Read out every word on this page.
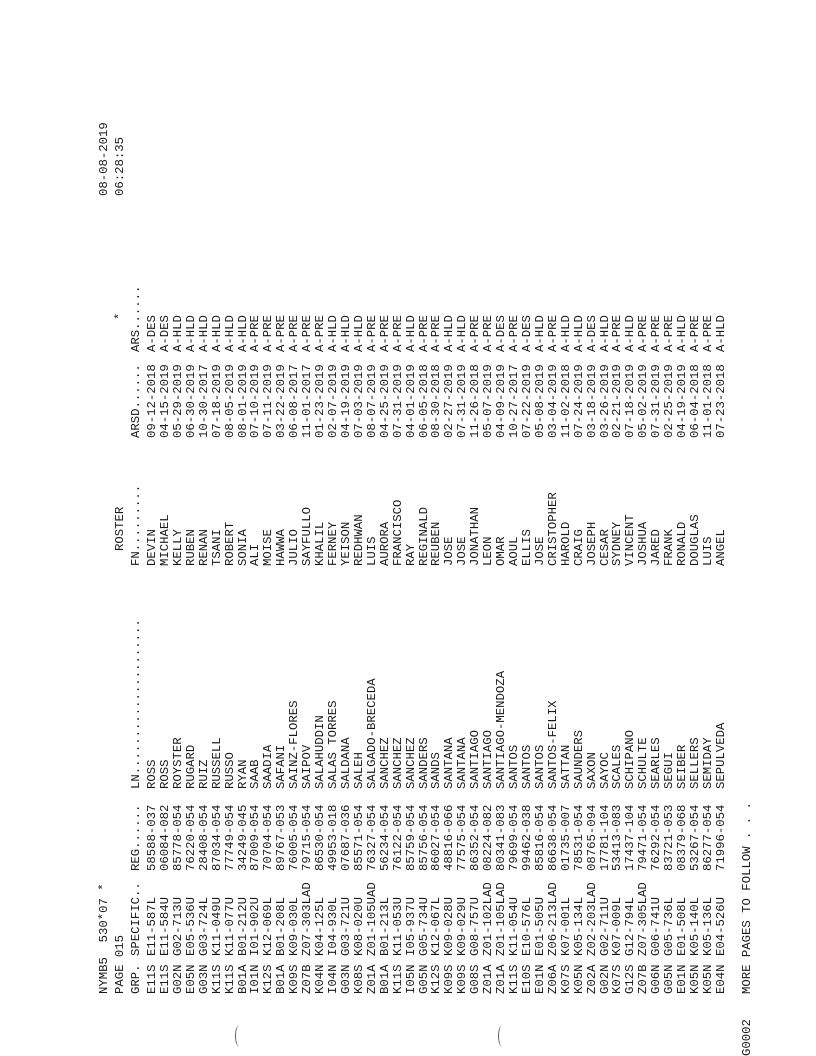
NYMB5  530*07 *

08-08-2019

PAGE 015

ROSTER

*

06:28:35

GRP.

SPECIFIC..

REG......

LN.....................

FN.........

ARSD......

ARS......

E11S
E11-587L
58588-037
ROSS
DEVIN
09-12-2018
A-DES
E11S
E11-584U
06084-082
ROSS
MICHAEL
04-15-2019
A-DES
G02N
G02-713U
85778-054
ROYSTER
KELLY
05-29-2019
A-HLD
E05N
E05-536U
76220-054
RUGARD
RUBEN
06-30-2019
A-HLD
G03N
G03-724L
28408-054
RUIZ
RENAN
10-30-2017
A-HLD
K11S
K11-049U
87034-054
RUSSELL
TSANI
07-18-2019
A-HLD
K11S
K11-077U
77749-054
RUSSO
ROBERT
08-05-2019
A-HLD
B01A
B01-212U
34249-045
RYAN
SONIA
08-01-2019
A-HLD
I01N
I01-902U
87009-054
SAAB
ALI
07-10-2019
A-PRE
K12S
K12-069L
70704-054
SAADIA
MOISE
07-11-2019
A-PRE
B01A
B01-208L
89767-053
SAFANI
HAWWA
03-22-2019
A-PRE
K09S
K09-030L
76005-054
SAINZ-FLORES
JULIO
06-08-2017
A-PRE
Z07B
Z07-303LAD
79715-054
SAIPOV
SAYFULLO
11-01-2017
A-PRE
K04N
K04-125L
86530-054
SALAHUDDIN
KHALIL
01-23-2019
A-PRE
I04N
I04-930L
49953-018
SALAS TORRES
FERNEY
02-07-2019
A-HLD
G03N
G03-721U
07687-036
SALDANA
YEISON
04-19-2019
A-HLD
K08S
K08-020U
85571-054
SALEH
REDHWAN
07-03-2019
A-HLD
Z01A
Z01-105UAD
76327-054
SALGADO-BRECEDA
LUIS
08-07-2019
A-PRE
B01A
B01-213L
56234-054
SANCHEZ
AURORA
04-25-2019
A-PRE
K11S
K11-053U
76122-054
SANCHEZ
FRANCISCO
07-31-2019
A-PRE
I05N
I05-937U
85759-054
SANCHEZ
RAY
04-01-2019
A-HLD
G05N
G05-734U
85756-054
SANDERS
REGINALD
06-05-2018
A-PRE
K12S
K12-067L
86027-054
SANDS
REUBEN
08-30-2018
A-PRE
K09S
K09-028U
48816-066
SANTANA
JOSE
02-27-2019
A-HLD
K09S
K09-029U
77575-054
SANTANA
JOSE
07-31-2019
A-HLD
G08S
G08-757U
86352-054
SANTIAGO
JONATHAN
11-26-2018
A-PRE
Z01A
Z01-102LAD
08224-082
SANTIAGO
LEON
05-07-2019
A-PRE
Z01A
Z01-105LAD
80341-083
SANTIAGO-MENDOZA
OMAR
04-09-2019
A-DES
K11S
K11-054U
79699-054
SANTOS
AOUL
10-27-2017
A-PRE
E10S
E10-576L
99462-038
SANTOS
ELLIS
07-22-2019
A-DES
E01N
E01-505U
85816-054
SANTOS
JOSE
05-08-2019
A-HLD
Z06A
Z06-213LAD
86638-054
SANTOS-FELIX
CRISTOPHER
03-04-2019
A-PRE
K07S
K07-001L
01735-007
SATTAN
HAROLD
11-02-2018
A-HLD
K05N
K05-134L
78531-054
SAUNDERS
CRAIG
07-24-2019
A-HLD
Z02A
Z02-203LAD
08765-094
SAXON
JOSEPH
03-18-2019
A-DES
G02N
G02-711U
17781-104
SAYOC
CESAR
03-26-2019
A-HLD
K07S
K07-009L
53413-083
SCALES
SYDNEY
02-21-2019
A-PRE
G12S
G12-794L
17437-104
SCHIPANO
VINCENT
07-18-2019
A-HLD
Z07B
Z07-305LAD
79471-054
SCHULTE
JOSHUA
05-02-2019
A-PRE
G06N
G06-741U
76292-054
SEARLES
JARED
07-31-2019
A-PRE
G05N
G05-736L
83721-053
SEGUI
FRANK
02-25-2019
A-PRE
E01N
E01-508L
08379-068
SEIBER
RONALD
04-19-2019
A-HLD
K05N
K05-140L
53267-054
SELLERS
DOUGLAS
06-04-2018
A-PRE
K05N
K05-136L
86277-054
SEMIDAY
LUIS
11-01-2018
A-PRE
E04N
E04-526U
71996-054
SEPULVEDA
ANGEL
07-23-2018
A-HLD

G0002

MORE PAGES TO FOLLOW . . .
